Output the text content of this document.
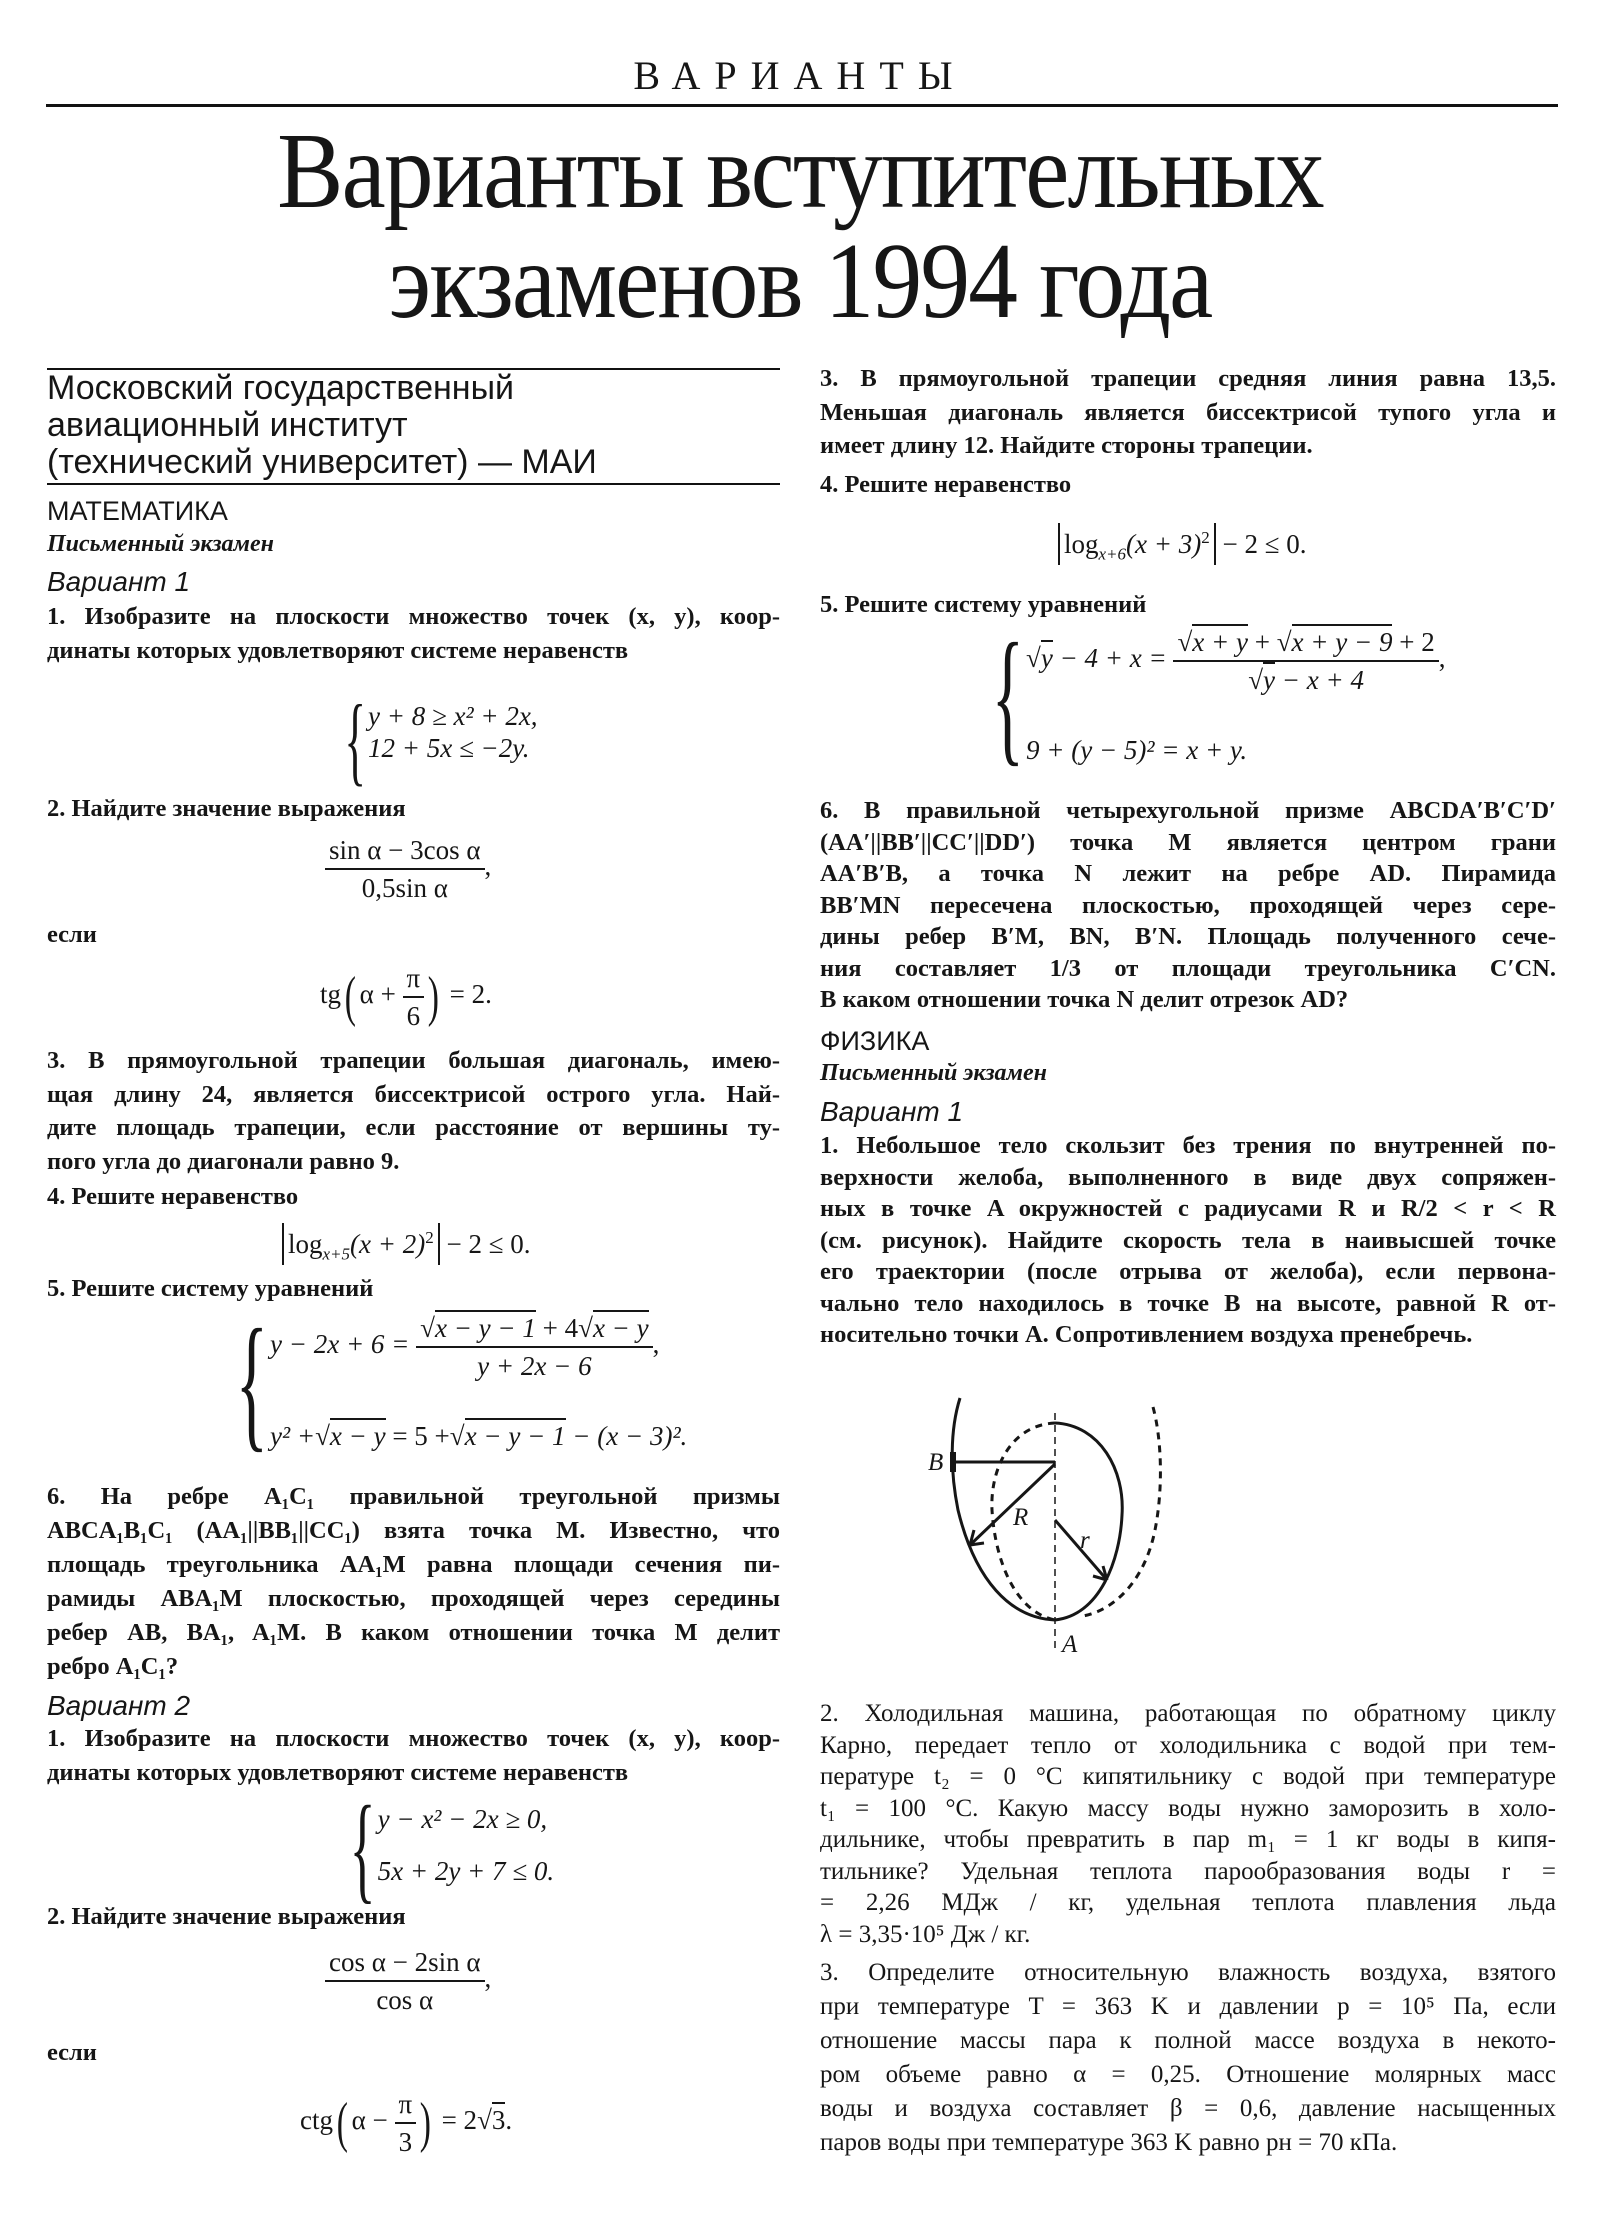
ВАРИАНТЫ
Варианты вступительных
экзаменов 1994 года
Московский государственный
авиационный институт
(технический университет) — МАИ
МАТЕМАТИКА
Письменный экзамен
Вариант 1
1. Изобразите на плоскости множество точек (x, y), коор-
динаты которых удовлетворяют системе неравенств
{ y + 8 ≥ x² + 2x,
12 + 5x ≤ −2y.
2. Найдите значение выражения
$\frac{\text{sin α − 3cos α}}{\text{0,5sin α}}$ ,
если
tg( $\alpha + \frac{\pi}{6}$ ) = 2.
3. В прямоугольной трапеции большая диагональ, имею-
щая длину 24, является биссектрисой острого угла. Най-
дите площадь трапеции, если расстояние от вершины ту-
пого угла до диагонали равно 9.
4. Решите неравенство
$\log_{x+5}(x + 2)^2 - 2 \le 0$.
5. Решите систему уравнений
{ y − 2x + 6 = √ $\frac{x - y - 1 + 4 √ x - y}{y + 2x - 6}$ ,
y² + √ x − y = 5 + √ x − y − 1 − (x − 3)².
6. На ребре A₁C₁ правильной треугольной призмы
ABCA₁B₁C₁ (AA₁||BB₁||CC₁) взята точка M. Известно, что
площадь треугольника AA₁M равна площади сечения пи-
рамиды ABA₁M плоскостью, проходящей через середины
ребер AB, BA₁, A₁M. В каком отношении точка M делит
ребро A₁C₁?
Вариант 2
1. Изобразите на плоскости множество точек (x, y), коор-
динаты которых удовлетворяют системе неравенств
{ y − x² − 2x ≥ 0,
5x + 2y + 7 ≤ 0.
2. Найдите значение выражения
$\frac{\text{cos α − 2sin α}}{\text{cos α}}$ ,
если
ctg( $\alpha - \frac{\pi}{3}$ ) = 2 √ 3.
3. В прямоугольной трапеции средняя линия равна 13,5.
Меньшая диагональ является биссектрисой тупого угла и
имеет длину 12. Найдите стороны трапеции.
4. Решите неравенство
$\log_{x+6}(x + 3)^2 - 2 \le 0$.
5. Решите систему уравнений
{ √ y − 4 + x = √ x + y + √ x + y − 9 + 2
√ y − x + 4 ,
9 + (y − 5)² = x + y.
6. В правильной четырехугольной призме ABCDA′B′C′D′
(AA′||BB′||CC′||DD′) точка M является центром грани
AA′B′B, а точка N лежит на ребре AD. Пирамида
BB′MN пересечена плоскостью, проходящей через сере-
дины ребер B′M, BN, B′N. Площадь полученного сече-
ния составляет 1/3 от площади треугольника C′CN.
В каком отношении точка N делит отрезок AD?
ФИЗИКА
Письменный экзамен
Вариант 1
1. Небольшое тело скользит без трения по внутренней по-
верхности желоба, выполненного в виде двух сопряжен-
ных в точке A окружностей с радиусами R и R/2 < r < R
(см. рисунок). Найдите скорость тела в наивысшей точке
его траектории (после отрыва от желоба), если первона-
чально тело находилось в точке B на высоте, равной R от-
носительно точки A. Сопротивлением воздуха пренебречь.
B
R
r
A
2. Холодильная машина, работающая по обратному циклу
Карно, передает тепло от холодильника с водой при тем-
пературе t₂ = 0 °C кипятильнику с водой при температуре
t₁ = 100 °C. Какую массу воды нужно заморозить в холо-
дильнике, чтобы превратить в пар m₁ = 1 кг воды в кипя-
тильнике? Удельная теплота парообразования воды r =
= 2,26 МДж / кг, удельная теплота плавления льда
λ = 3,35·10⁵ Дж / кг.
3. Определите относительную влажность воздуха, взятого
при температуре T = 363 K и давлении p = 10⁵ Па, если
отношение массы пара к полной массе воздуха в некото-
ром объеме равно α = 0,25. Отношение молярных масс
воды и воздуха составляет β = 0,6, давление насыщенных
паров воды при температуре 363 K равно pн = 70 кПа.
